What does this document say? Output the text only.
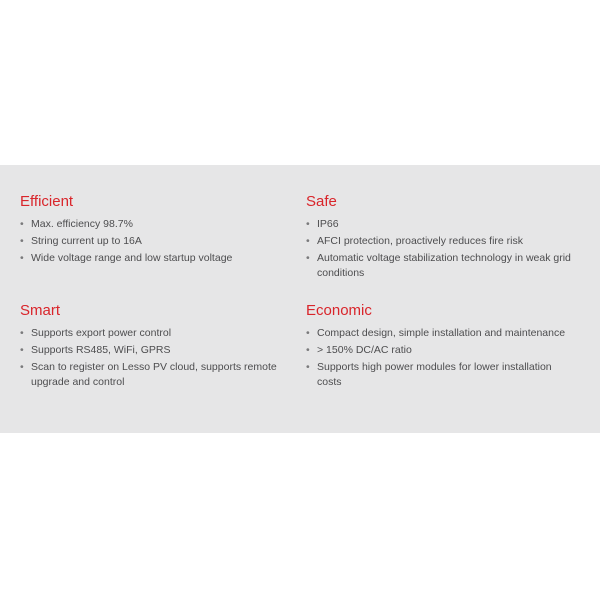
Efficient
• Max. efficiency 98.7%
• String current up to 16A
• Wide voltage range and low startup voltage
Safe
• IP66
• AFCI protection, proactively reduces fire risk
• Automatic voltage stabilization technology in weak grid conditions
Smart
• Supports export power control
• Supports RS485, WiFi, GPRS
• Scan to register on Lesso PV cloud, supports remote upgrade and control
Economic
• Compact design, simple installation and maintenance
• > 150% DC/AC ratio
• Supports high power modules for lower installation costs
